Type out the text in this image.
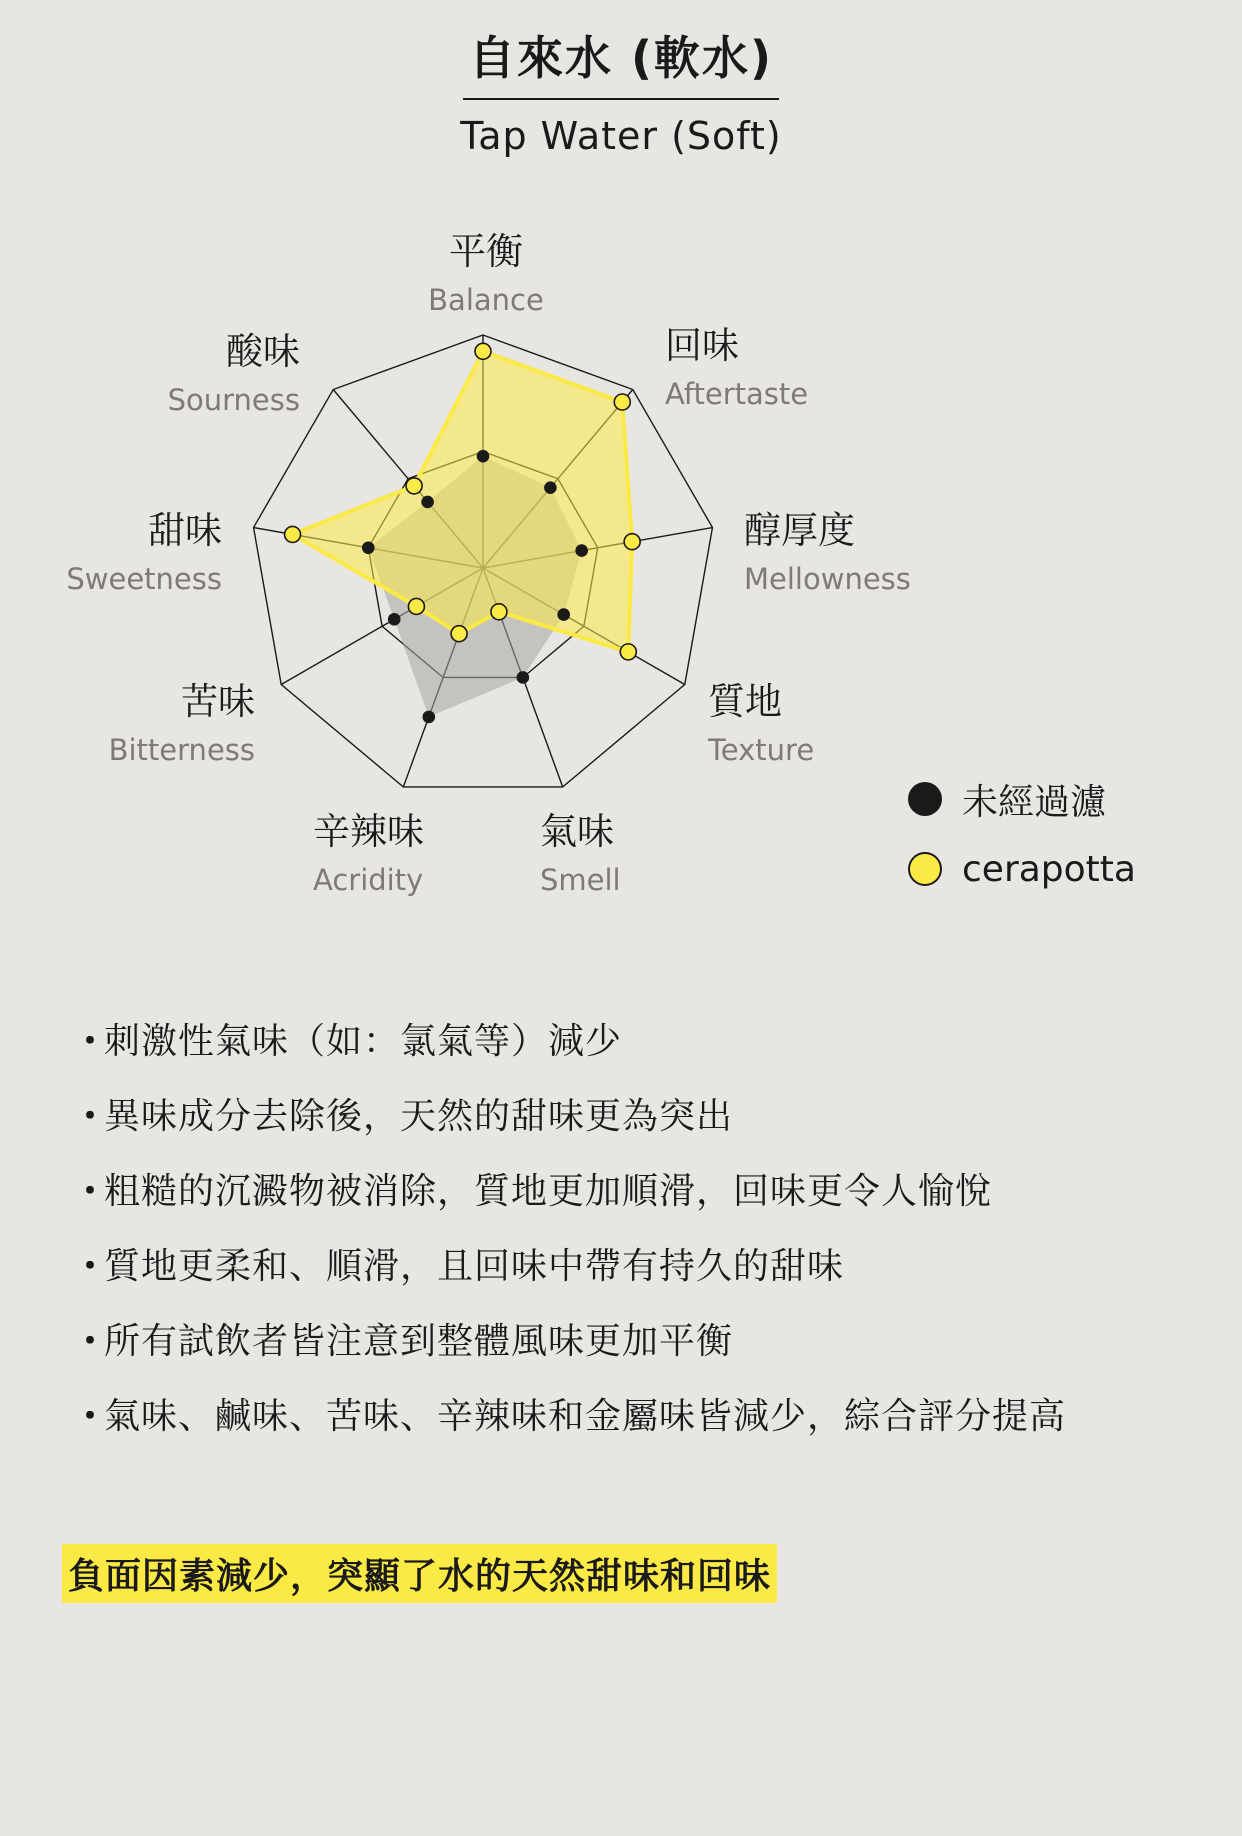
自來水 (軟水)
Tap Water (Soft)
平衡
Balance
回味
Aftertaste
醇厚度
Mellowness
質地
Texture
氣味
Smell
辛辣味
Acridity
苦味
Bitterness
甜味
Sweetness
酸味
Sourness
未經過濾
cerapotta
・刺激性氣味（如：氯氣等）減少
・異味成分去除後，天然的甜味更為突出
・粗糙的沉澱物被消除，質地更加順滑，回味更令人愉悅
・質地更柔和、順滑，且回味中帶有持久的甜味
・所有試飲者皆注意到整體風味更加平衡
・氣味、鹹味、苦味、辛辣味和金屬味皆減少，綜合評分提高
負面因素減少，突顯了水的天然甜味和回味
